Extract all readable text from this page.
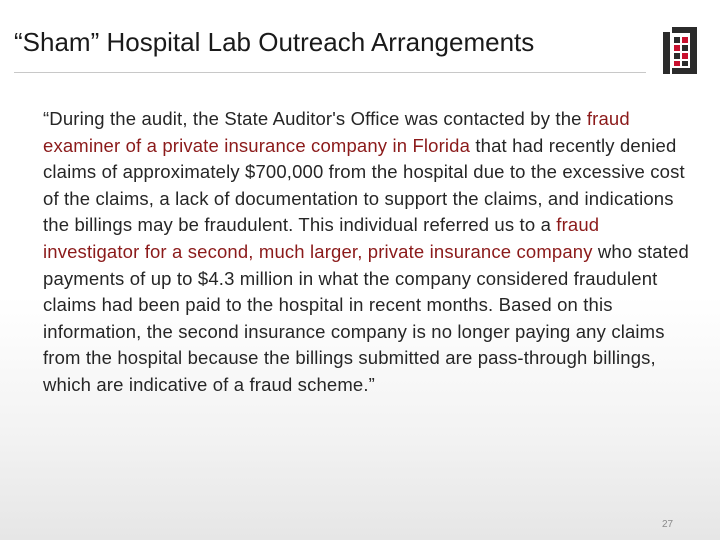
“Sham” Hospital Lab Outreach Arrangements

“During the audit, the State Auditor's Office was contacted by the fraud examiner of a private insurance company in Florida that had recently denied claims of approximately $700,000 from the hospital due to the excessive cost of the claims, a lack of documentation to support the claims, and indications the billings may be fraudulent. This individual referred us to a fraud investigator for a second, much larger, private insurance company who stated payments of up to $4.3 million in what the company considered fraudulent claims had been paid to the hospital in recent months. Based on this information, the second insurance company is no longer paying any claims from the hospital because the billings submitted are pass-through billings, which are indicative of a fraud scheme.”

27
